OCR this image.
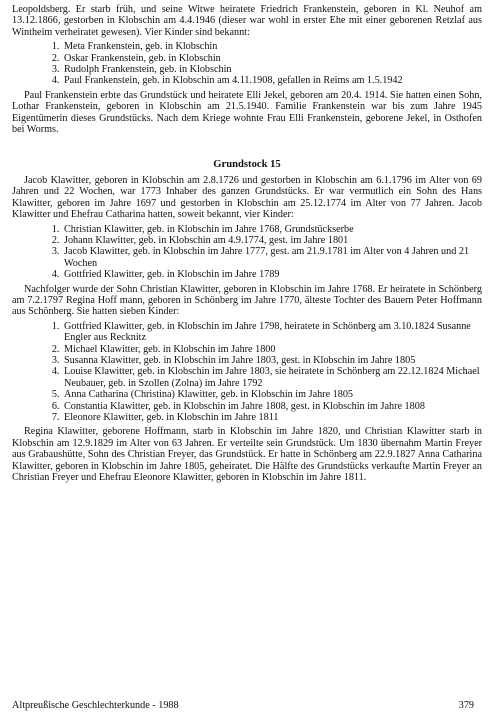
Leopoldsberg. Er starb früh, und seine Witwe heiratete Friedrich Frankenstein, geboren in Kl. Neuhof am 13.12.1866, gestorben in Klobschin am 4.4.1946 (dieser war wohl in erster Ehe mit einer geborenen Retzlaf aus Wintheim verheiratet gewesen). Vier Kinder sind bekannt:

1. Meta Frankenstein, geb. in Klobschin
2. Oskar Frankenstein, geb. in Klobschin
3. Rudolph Frankenstein, geb. in Klobschin
4. Paul Frankenstein, geb. in Klobschin am 4.11.1908, gefallen in Reims am 1.5.1942

Paul Frankenstein erbte das Grundstück und heiratete Elli Jekel, geboren am 20.4. 1914. Sie hatten einen Sohn, Lothar Frankenstein, geboren in Klobschin am 21.5.1940. Familie Frankenstein war bis zum Jahre 1945 Eigentümerin dieses Grundstücks. Nach dem Kriege wohnte Frau Elli Frankenstein, geborene Jekel, in Osthofen bei Worms.

Grundstock 15

Jacob Klawitter, geboren in Klobschin am 2.8.1726 und gestorben in Klobschin am 6.1.1796 im Alter von 69 Jahren und 22 Wochen, war 1773 Inhaber des ganzen Grundstücks. Er war vermutlich ein Sohn des Hans Klawitter, geboren im Jahre 1697 und gestorben in Klobschin am 25.12.1774 im Alter von 77 Jahren. Jacob Klawitter und Ehefrau Catharina hatten, soweit bekannt, vier Kinder:

1. Christian Klawitter, geb. in Klobschin im Jahre 1768, Grundstückserbe
2. Johann Klawitter, geb. in Klobschin am 4.9.1774, gest. im Jahre 1801
3. Jacob Klawitter, geb. in Klobschin im Jahre 1777, gest. am 21.9.1781 im Alter von 4 Jahren und 21 Wochen
4. Gottfried Klawitter, geb. in Klobschin im Jahre 1789

Nachfolger wurde der Sohn Christian Klawitter, geboren in Klobschin im Jahre 1768. Er heiratete in Schönberg am 7.2.1797 Regina Hoff mann, geboren in Schönberg im Jahre 1770, älteste Tochter des Bauern Peter Hoffmann aus Schönberg. Sie hatten sieben Kinder:

1. Gottfried Klawitter, geb. in Klobschin im Jahre 1798, heiratete in Schönberg am 3.10.1824 Susanne Engler aus Recknitz
2. Michael Klawitter, geb. in Klobschin im Jahre 1800
3. Susanna Klawitter, geb. in Klobschin im Jahre 1803, gest. in Klobschin im Jahre 1805
4. Louise Klawitter, geb. in Klobschin im Jahre 1803, sie heiratete in Schönberg am 22.12.1824 Michael Neubauer, geb. in Szollen (Zolna) im Jahre 1792
5. Anna Catharina (Christina) Klawitter, geb. in Klobschin im Jahre 1805
6. Constantia Klawitter, geb. in Klobschin im Jahre 1808, gest. in Klobschin im Jahre 1808
7. Eleonore Klawitter, geb. in Klobschin im Jahre 1811

Regina Klawitter, geborene Hoffmann, starb in Klobschin im Jahre 1820, und Christian Klawitter starb in Klobschin am 12.9.1829 im Alter von 63 Jahren. Er verteilte sein Grundstück. Um 1830 übernahm Martin Freyer aus Grabaushütte, Sohn des Christian Freyer, das Grundstück. Er hatte in Schönberg am 22.9.1827 Anna Catharina Klawitter, geboren in Klobschin im Jahre 1805, geheiratet. Die Hälfte des Grundstücks verkaufte Martin Freyer an Christian Freyer und Ehefrau Eleonore Klawitter, geboren in Klobschin im Jahre 1811.

Altpreußische Geschlechterkunde - 1988	379
